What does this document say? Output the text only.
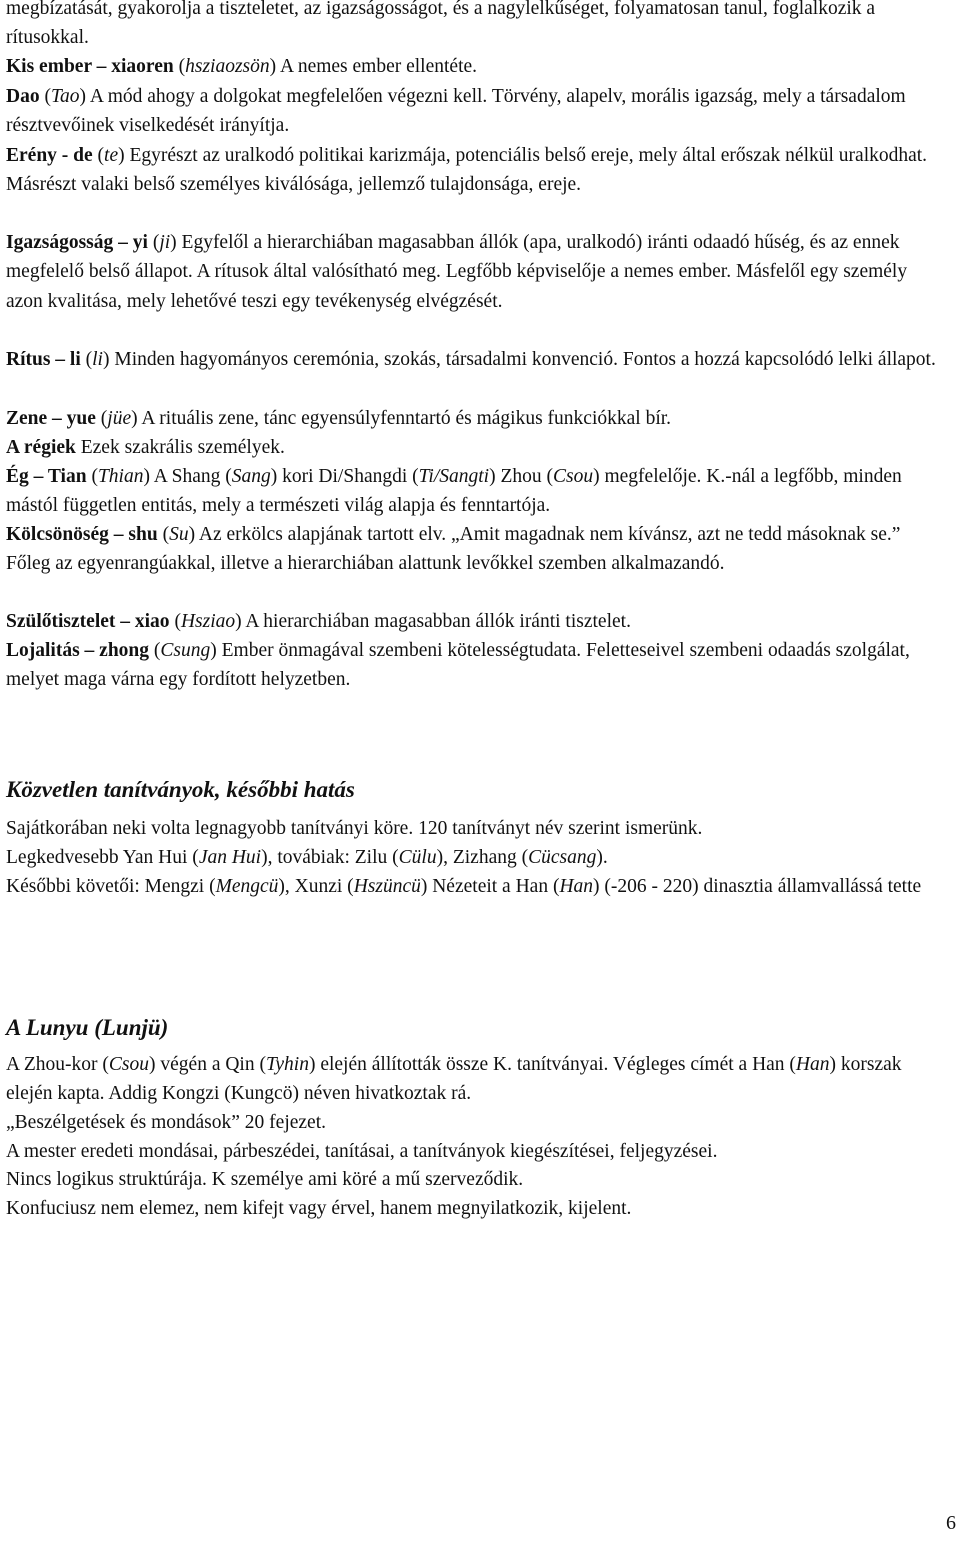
megbízatását, gyakorolja a tiszteletet, az igazságosságot, és a nagylelkűséget, folyamatosan tanul, foglalkozik a rítusokkal.

Kis ember – xiaoren (hsziaozsön) A nemes ember ellentéte.

Dao (Tao) A mód ahogy a dolgokat megfelelően végezni kell. Törvény, alapelv, morális igazság, mely a társadalom résztvevőinek viselkedését irányítja.

Erény - de (te) Egyrészt az uralkodó politikai karizmája, potenciális belső ereje, mely által erőszak nélkül uralkodhat. Másrészt valaki belső személyes kiválósága, jellemző tulajdonsága, ereje.

Igazságosság – yi (ji) Egyfelől a hierarchiában magasabban állók (apa, uralkodó) iránti odaadó hűség, és az ennek megfelelő belső állapot. A rítusok által valósítható meg. Legfőbb képviselője a nemes ember. Másfelől egy személy azon kvalitása, mely lehetővé teszi egy tevékenység elvégzését.

Rítus – li (li) Minden hagyományos ceremónia, szokás, társadalmi konvenció. Fontos a hozzá kapcsolódó lelki állapot.

Zene – yue (jüe) A rituális zene, tánc egyensúlyfenntartó és mágikus funkciókkal bír.

A régiek Ezek szakrális személyek.

Ég – Tian (Thian) A Shang (Sang) kori Di/Shangdi (Ti/Sangti) Zhou (Csou) megfelelője. K.-nál a legfőbb, minden mástól független entitás, mely a természeti világ alapja és fenntartója.

Kölcsönöség – shu (Su) Az erkölcs alapjának tartott elv. „Amit magadnak nem kívánsz, azt ne tedd másoknak se.” Főleg az egyenrangúakkal, illetve a hierarchiában alattunk levőkkel szemben alkalmazandó.

Szülőtisztelet – xiao (Hsziao) A hierarchiában magasabban állók iránti tisztelet.

Lojalitás – zhong (Csung) Ember önmagával szembeni kötelességtudata. Feletteseivel szembeni odaadás szolgálat, melyet maga várna egy fordított helyzetben.

Közvetlen tanítványok, későbbi hatás

Sajátkorában neki volta legnagyobb tanítványi köre. 120 tanítványt név szerint ismerünk.

Legkedvesebb Yan Hui (Jan Hui), továbiak: Zilu (Cülu), Zizhang (Cücsang).

Későbbi követői: Mengzi (Mengcü), Xunzi (Hszüncü) Nézeteit a Han (Han) (-206 - 220) dinasztia államvallássá tette

A Lunyu (Lunjü)

A Zhou-kor (Csou) végén a Qin (Tyhin) elején állították össze K. tanítványai. Végleges címét a Han (Han) korszak elején kapta. Addig Kongzi (Kungcö) néven hivatkoztak rá.

„Beszélgetések és mondások” 20 fejezet.

A mester eredeti mondásai, párbeszédei, tanításai, a tanítványok kiegészítései, feljegyzései.

Nincs logikus struktúrája. K személye ami köré a mű szerveződik.

Konfuciusz nem elemez, nem kifejt vagy érvel, hanem megnyilatkozik, kijelent.

6
